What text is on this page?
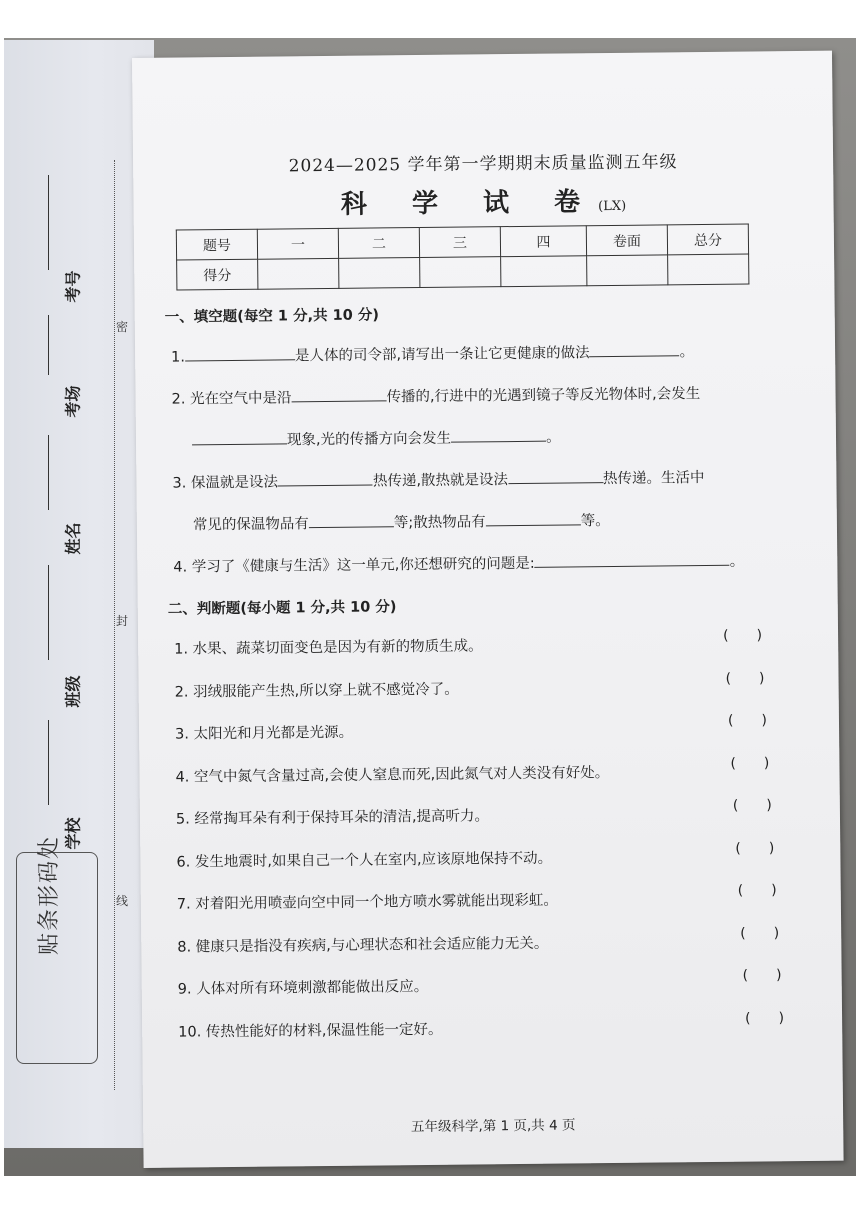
密
封
线
考号
考场
姓名
班级
学校
贴条形码处
2024—2025 学年第一学期期末质量监测五年级
科 学 试 卷(LX)
题号	一	二	三	四	卷面	总分
得分						
一、填空题(每空 1 分,共 10 分)
1.	是人体的司令部,请写出一条让它更健康的做法	。
2. 光在空气中是沿	传播的,行进中的光遇到镜子等反光物体时,会发生
现象,光的传播方向会发生	。
3. 保温就是设法	热传递,散热就是设法	热传递。生活中
常见的保温物品有	等;散热物品有	等。
4. 学习了《健康与生活》这一单元,你还想研究的问题是:	。
二、判断题(每小题 1 分,共 10 分)
1. 水果、蔬菜切面变色是因为有新的物质生成。
()
2. 羽绒服能产生热,所以穿上就不感觉冷了。
()
3. 太阳光和月光都是光源。
()
4. 空气中氮气含量过高,会使人窒息而死,因此氮气对人类没有好处。
()
5. 经常掏耳朵有利于保持耳朵的清洁,提高听力。
()
6. 发生地震时,如果自己一个人在室内,应该原地保持不动。
()
7. 对着阳光用喷壶向空中同一个地方喷水雾就能出现彩虹。
()
8. 健康只是指没有疾病,与心理状态和社会适应能力无关。
()
9. 人体对所有环境刺激都能做出反应。
()
10. 传热性能好的材料,保温性能一定好。
()
五年级科学,第 1 页,共 4 页
